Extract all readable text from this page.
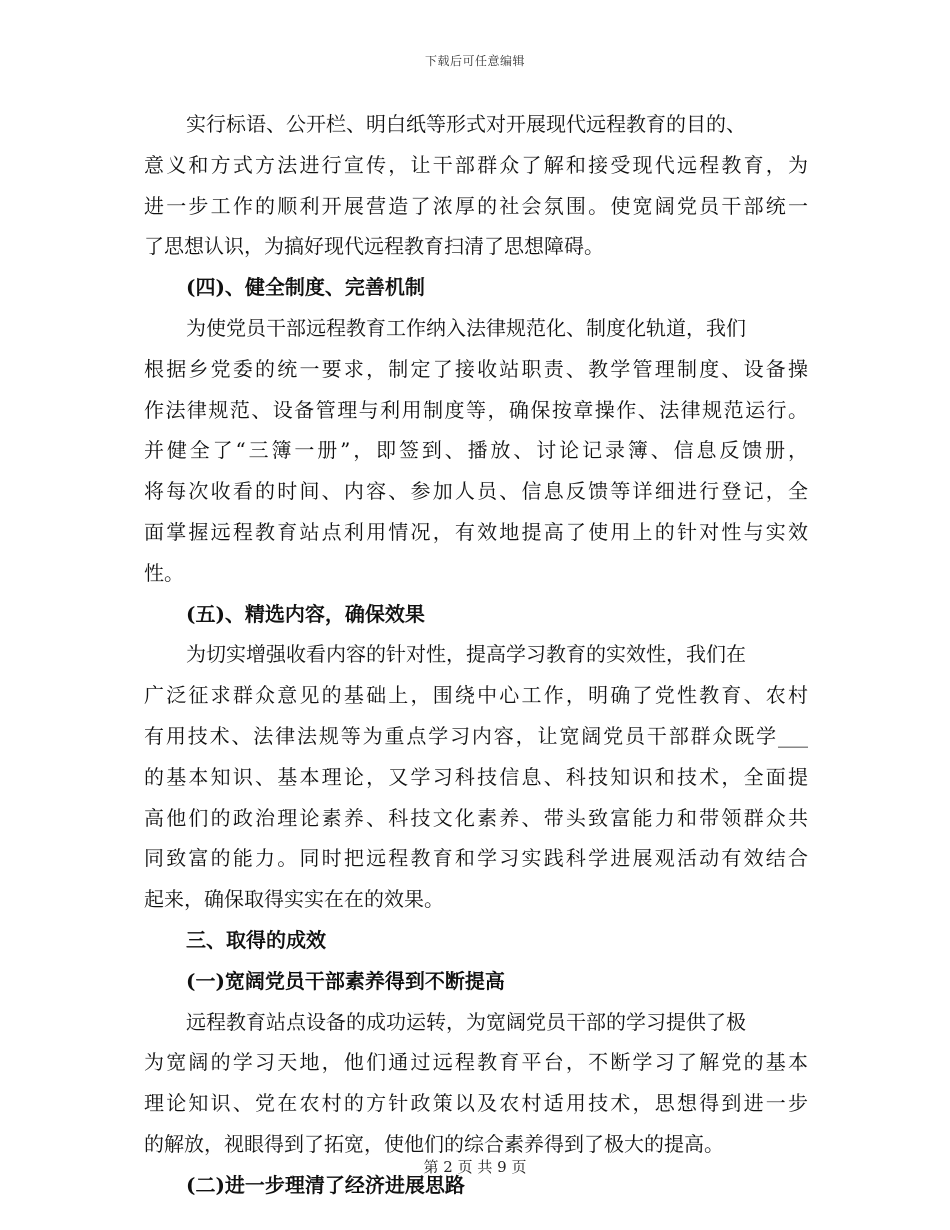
下载后可任意编辑
实行标语、公开栏、明白纸等形式对开展现代远程教育的目的、
意义和方式方法进行宣传，让干部群众了解和接受现代远程教育，为
进一步工作的顺利开展营造了浓厚的社会氛围。使宽阔党员干部统一
了思想认识，为搞好现代远程教育扫清了思想障碍。
(四)、健全制度、完善机制
为使党员干部远程教育工作纳入法律规范化、制度化轨道，我们
根据乡党委的统一要求，制定了接收站职责、教学管理制度、设备操
作法律规范、设备管理与利用制度等，确保按章操作、法律规范运行。
并健全了“三簿一册”，即签到、播放、讨论记录簿、信息反馈册，
将每次收看的时间、内容、参加人员、信息反馈等详细进行登记，全
面掌握远程教育站点利用情况，有效地提高了使用上的针对性与实效
性。
(五)、精选内容，确保效果
为切实增强收看内容的针对性，提高学习教育的实效性，我们在
广泛征求群众意见的基础上，围绕中心工作，明确了党性教育、农村
有用技术、法律法规等为重点学习内容，让宽阔党员干部群众既学___
的基本知识、基本理论，又学习科技信息、科技知识和技术，全面提
高他们的政治理论素养、科技文化素养、带头致富能力和带领群众共
同致富的能力。同时把远程教育和学习实践科学进展观活动有效结合
起来，确保取得实实在在的效果。
三、取得的成效
(一)宽阔党员干部素养得到不断提高
远程教育站点设备的成功运转，为宽阔党员干部的学习提供了极
为宽阔的学习天地，他们通过远程教育平台，不断学习了解党的基本
理论知识、党在农村的方针政策以及农村适用技术，思想得到进一步
的解放，视眼得到了拓宽，使他们的综合素养得到了极大的提高。
(二)进一步理清了经济进展思路
第 2 页 共 9 页
